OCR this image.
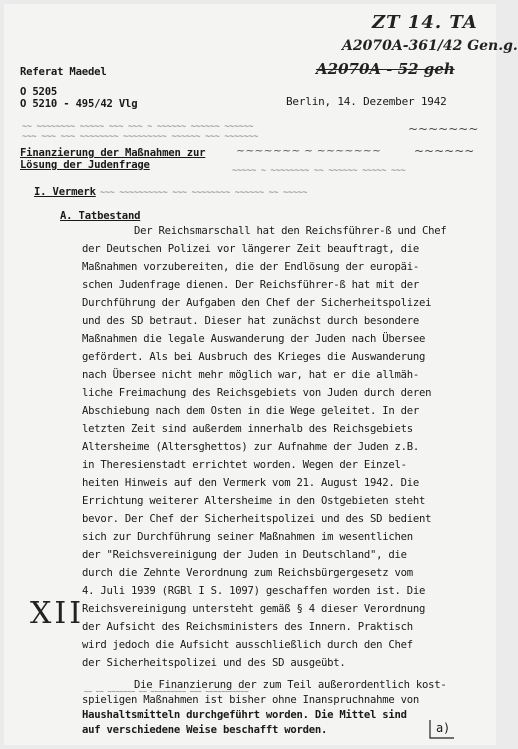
ZT 14. TA
A2070A-361/42 Gen.g.
A2070A - 52 geh
Referat Maedel
O 5205
O 5210 - 495/42 Vlg	Berlin, 14. Dezember 1942
~~ ~~~~~~~~ ~~~~~ ~~~ ~~~ ~ ~~~~~~ ~~~~~~ ~~~~~~
~~~ ~~~ ~~~ ~~~~~~~~ ~~~~~~~~~ ~~~~~~ ~~~ ~~~~~~~
Finanzierung der Maßnahmen zur
Lösung der Judenfrage
~~~~~~~ ~ ~~~~~~~
~~~~~~~
~~~~~~
~~~~~ ~ ~~~~~~~~ ~~ ~~~~~~ ~~~~~ ~~~
I. Vermerk ~~~ ~~~~~~~~~~ ~~~ ~~~~~~~~ ~~~~~~ ~~ ~~~~~
A. Tatbestand
Der Reichsmarschall hat den Reichsführer-ß und Chef
der Deutschen Polizei vor längerer Zeit beauftragt, die
Maßnahmen vorzubereiten, die der Endlösung der europäi-
schen Judenfrage dienen. Der Reichsführer-ß hat mit der
Durchführung der Aufgaben den Chef der Sicherheitspolizei
und des SD betraut. Dieser hat zunächst durch besondere
Maßnahmen die legale Auswanderung der Juden nach Übersee
gefördert. Als bei Ausbruch des Krieges die Auswanderung
nach Übersee nicht mehr möglich war, hat er die allmäh-
liche Freimachung des Reichsgebiets von Juden durch deren
Abschiebung nach dem Osten in die Wege geleitet. In der
letzten Zeit sind außerdem innerhalb des Reichsgebiets
Altersheime (Altersghettos) zur Aufnahme der Juden z.B.
in Theresienstadt errichtet worden. Wegen der Einzel-
heiten Hinweis auf den Vermerk vom 21. August 1942. Die
Errichtung weiterer Altersheime in den Ostgebieten steht
bevor. Der Chef der Sicherheitspolizei und des SD bedient
sich zur Durchführung seiner Maßnahmen im wesentlichen
der "Reichsvereinigung der Juden in Deutschland", die
durch die Zehnte Verordnung zum Reichsbürgergesetz vom
4. Juli 1939 (RGBl I S. 1097) geschaffen worden ist. Die
Reichsvereinigung untersteht gemäß § 4 dieser Verordnung
der Aufsicht des Reichsministers des Innern. Praktisch
wird jedoch die Aufsicht ausschließlich durch den Chef
der Sicherheitspolizei und des SD ausgeübt.
XII
Die Finanzierung der zum Teil außerordentlich kost-
spieligen Maßnahmen ist bisher ohne Inanspruchnahme von
Haushaltsmitteln durchgeführt worden. Die Mittel sind
auf verschiedene Weise beschafft worden.
~~ ~~ ~~~~~~~ ~~ ~~~~~~~~~ ~~~ ~~~~~~~~~~~
a)
